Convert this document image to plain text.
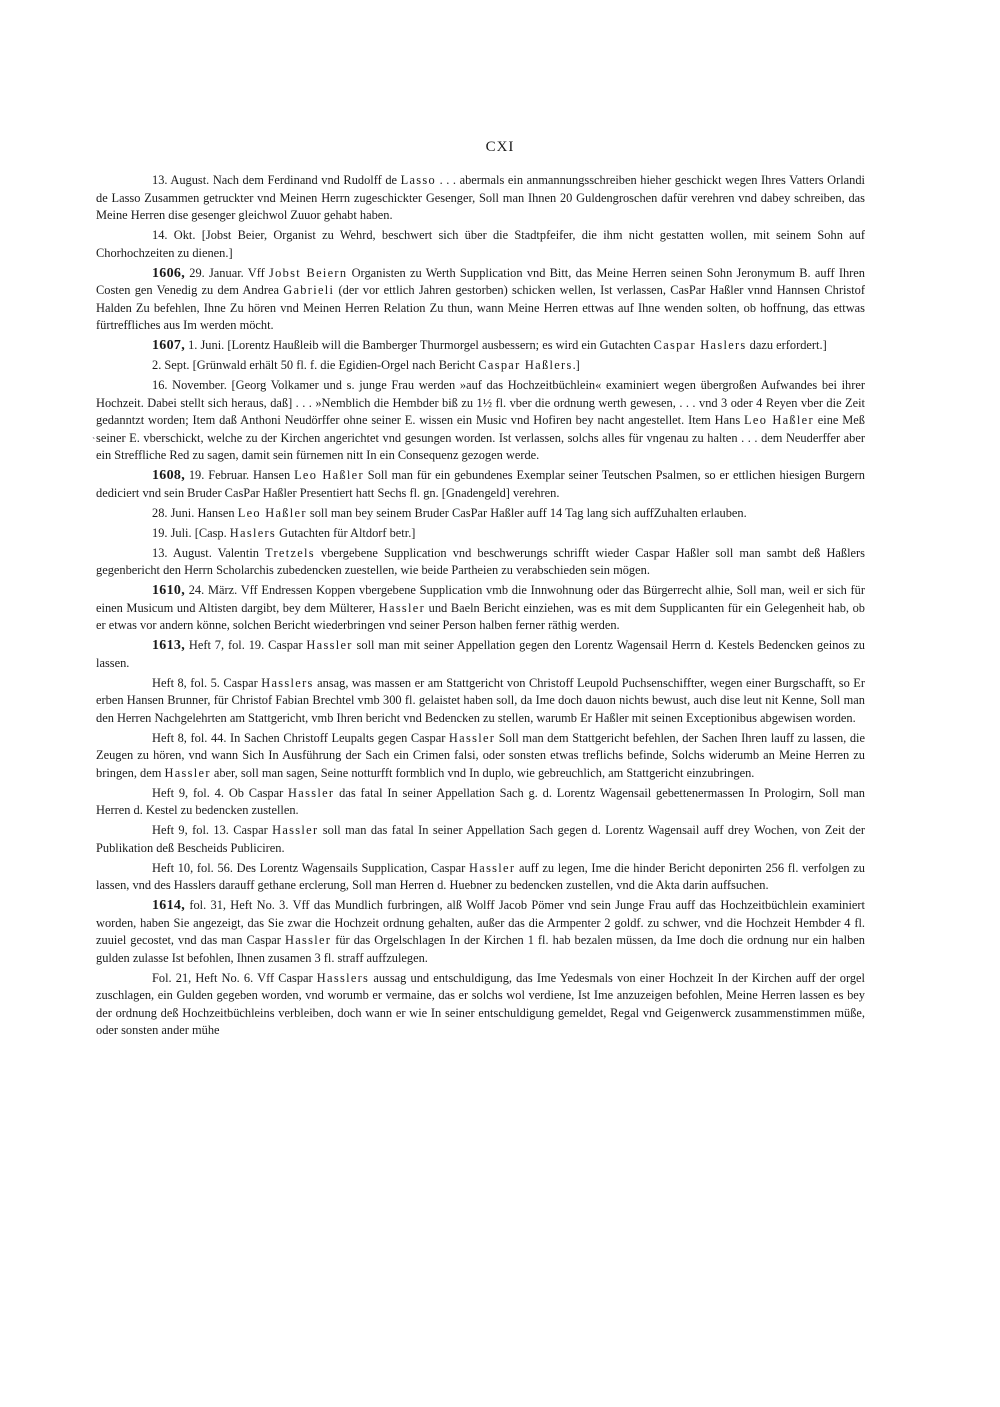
CXI
`

13. August. Nach dem Ferdinand vnd Rudolff de Lasso . . . abermals ein anmannungsschreiben hieher geschickt wegen Ihres Vatters Orlandi de Lasso Zusammen getruckter vnd Meinen Herrn zugeschickter Gesenger, Soll man Ihnen 20 Guldengroschen dafür verehren vnd dabey schreiben, das Meine Herren dise gesenger gleichwol Zuuor gehabt haben.

14. Okt. [Jobst Beier, Organist zu Wehrd, beschwert sich über die Stadtpfeifer, die ihm nicht gestatten wollen, mit seinem Sohn auf Chorhochzeiten zu dienen.]

1606, 29. Januar. Vff Jobst Beiern Organisten zu Werth Supplication vnd Bitt, das Meine Herren seinen Sohn Jeronymum B. auff Ihren Costen gen Venedig zu dem Andrea Gabrieli (der vor ettlich Jahren gestorben) schicken wellen, Ist verlassen, CasPar Haßler vnnd Hannsen Christof Halden Zu befehlen, Ihne Zu hören vnd Meinen Herren Relation Zu thun, wann Meine Herren ettwas auf Ihne wenden solten, ob hoffnung, das ettwas fürtreffliches aus Im werden möcht.

1607, 1. Juni. [Lorentz Haußleib will die Bamberger Thurmorgel ausbessern; es wird ein Gutachten Caspar Haslers dazu erfordert.]

2. Sept. [Grünwald erhält 50 fl. f. die Egidien-Orgel nach Bericht Caspar Haßlers.]

16. November. [Georg Volkamer und s. junge Frau werden »auf das Hochzeitbüchlein« examiniert wegen übergroßen Aufwandes bei ihrer Hochzeit. Dabei stellt sich heraus, daß] . . . »Nemblich die Hembder biß zu 1½ fl. vber die ordnung werth gewesen, . . . vnd 3 oder 4 Reyen vber die Zeit gedanntzt worden; Item daß Anthoni Neudörffer ohne seiner E. wissen ein Music vnd Hofiren bey nacht angestellet. Item Hans Leo Haßler eine Meß seiner E. vberschickt, welche zu der Kirchen angerichtet vnd gesungen worden. Ist verlassen, solchs alles für vngenau zu halten . . . dem Neuderffer aber ein Streffliche Red zu sagen, damit sein fürnemen nitt In ein Consequenz gezogen werde.

1608, 19. Februar. Hansen Leo Haßler Soll man für ein gebundenes Exemplar seiner Teutschen Psalmen, so er ettlichen hiesigen Burgern dediciert vnd sein Bruder CasPar Haßler Presentiert hatt Sechs fl. gn. [Gnadengeld] verehren.

28. Juni. Hansen Leo Haßler soll man bey seinem Bruder CasPar Haßler auff 14 Tag lang sich auffZuhalten erlauben.

19. Juli. [Casp. Haslers Gutachten für Altdorf betr.]

13. August. Valentin Tretzels vbergebene Supplication vnd beschwerungs schrifft wieder Caspar Haßler soll man sambt deß Haßlers gegenbericht den Herrn Scholarchis zubedencken zuestellen, wie beide Partheien zu verabschieden sein mögen.

1610, 24. März. Vff Endressen Koppen vbergebene Supplication vmb die Innwohnung oder das Bürgerrecht alhie, Soll man, weil er sich für einen Musicum und Altisten dargibt, bey dem Mülterer, Hassler und Baeln Bericht einziehen, was es mit dem Supplicanten für ein Gelegenheit hab, ob er etwas vor andern könne, solchen Bericht wiederbringen vnd seiner Person halben ferner räthig werden.

1613, Heft 7, fol. 19. Caspar Hassler soll man mit seiner Appellation gegen den Lorentz Wagensail Herrn d. Kestels Bedencken geinos zu lassen.

Heft 8, fol. 5. Caspar Hasslers ansag, was massen er am Stattgericht von Christoff Leupold Puchsenschiffter, wegen einer Burgschafft, so Er erben Hansen Brunner, für Christof Fabian Brechtel vmb 300 fl. gelaistet haben soll, da Ime doch dauon nichts bewust, auch dise leut nit Kenne, Soll man den Herren Nachgelehrten am Stattgericht, vmb Ihren bericht vnd Bedencken zu stellen, warumb Er Haßler mit seinen Exceptionibus abgewisen worden.

Heft 8, fol. 44. In Sachen Christoff Leupalts gegen Caspar Hassler Soll man dem Stattgericht befehlen, der Sachen Ihren lauff zu lassen, die Zeugen zu hören, vnd wann Sich In Ausführung der Sach ein Crimen falsi, oder sonsten etwas treflichs befinde, Solchs widerumb an Meine Herren zu bringen, dem Hassler aber, soll man sagen, Seine notturfft formblich vnd In duplo, wie gebreuchlich, am Stattgericht einzubringen.

Heft 9, fol. 4. Ob Caspar Hassler das fatal In seiner Appellation Sach g. d. Lorentz Wagensail gebettenermassen In Prologirn, Soll man Herren d. Kestel zu bedencken zustellen.

Heft 9, fol. 13. Caspar Hassler soll man das fatal In seiner Appellation Sach gegen d. Lorentz Wagensail auff drey Wochen, von Zeit der Publikation deß Bescheids Publiciren.

Heft 10, fol. 56. Des Lorentz Wagensails Supplication, Caspar Hassler auff zu legen, Ime die hinder Bericht deponirten 256 fl. verfolgen zu lassen, vnd des Hasslers darauff gethane erclerung, Soll man Herren d. Huebner zu bedencken zustellen, vnd die Akta darin auffsuchen.

1614, fol. 31, Heft No. 3. Vff das Mundlich furbringen, alß Wolff Jacob Pömer vnd sein Junge Frau auff das Hochzeitbüchlein examiniert worden, haben Sie angezeigt, das Sie zwar die Hochzeit ordnung gehalten, außer das die Armpenter 2 goldf. zu schwer, vnd die Hochzeit Hembder 4 fl. zuuiel gecostet, vnd das man Caspar Hassler für das Orgelschlagen In der Kirchen 1 fl. hab bezalen müssen, da Ime doch die ordnung nur ein halben gulden zulasse Ist befohlen, Ihnen zusamen 3 fl. straff auffzulegen.

Fol. 21, Heft No. 6. Vff Caspar Hasslers aussag und entschuldigung, das Ime Yedesmals von einer Hochzeit In der Kirchen auff der orgel zuschlagen, ein Gulden gegeben worden, vnd worumb er vermaine, das er solchs wol verdiene, Ist Ime anzuzeigen befohlen, Meine Herren lassen es bey der ordnung deß Hochzeitbüchleins verbleiben, doch wann er wie In seiner entschuldigung gemeldet, Regal vnd Geigenwerck zusammenstimmen müße, oder sonsten ander mühe
